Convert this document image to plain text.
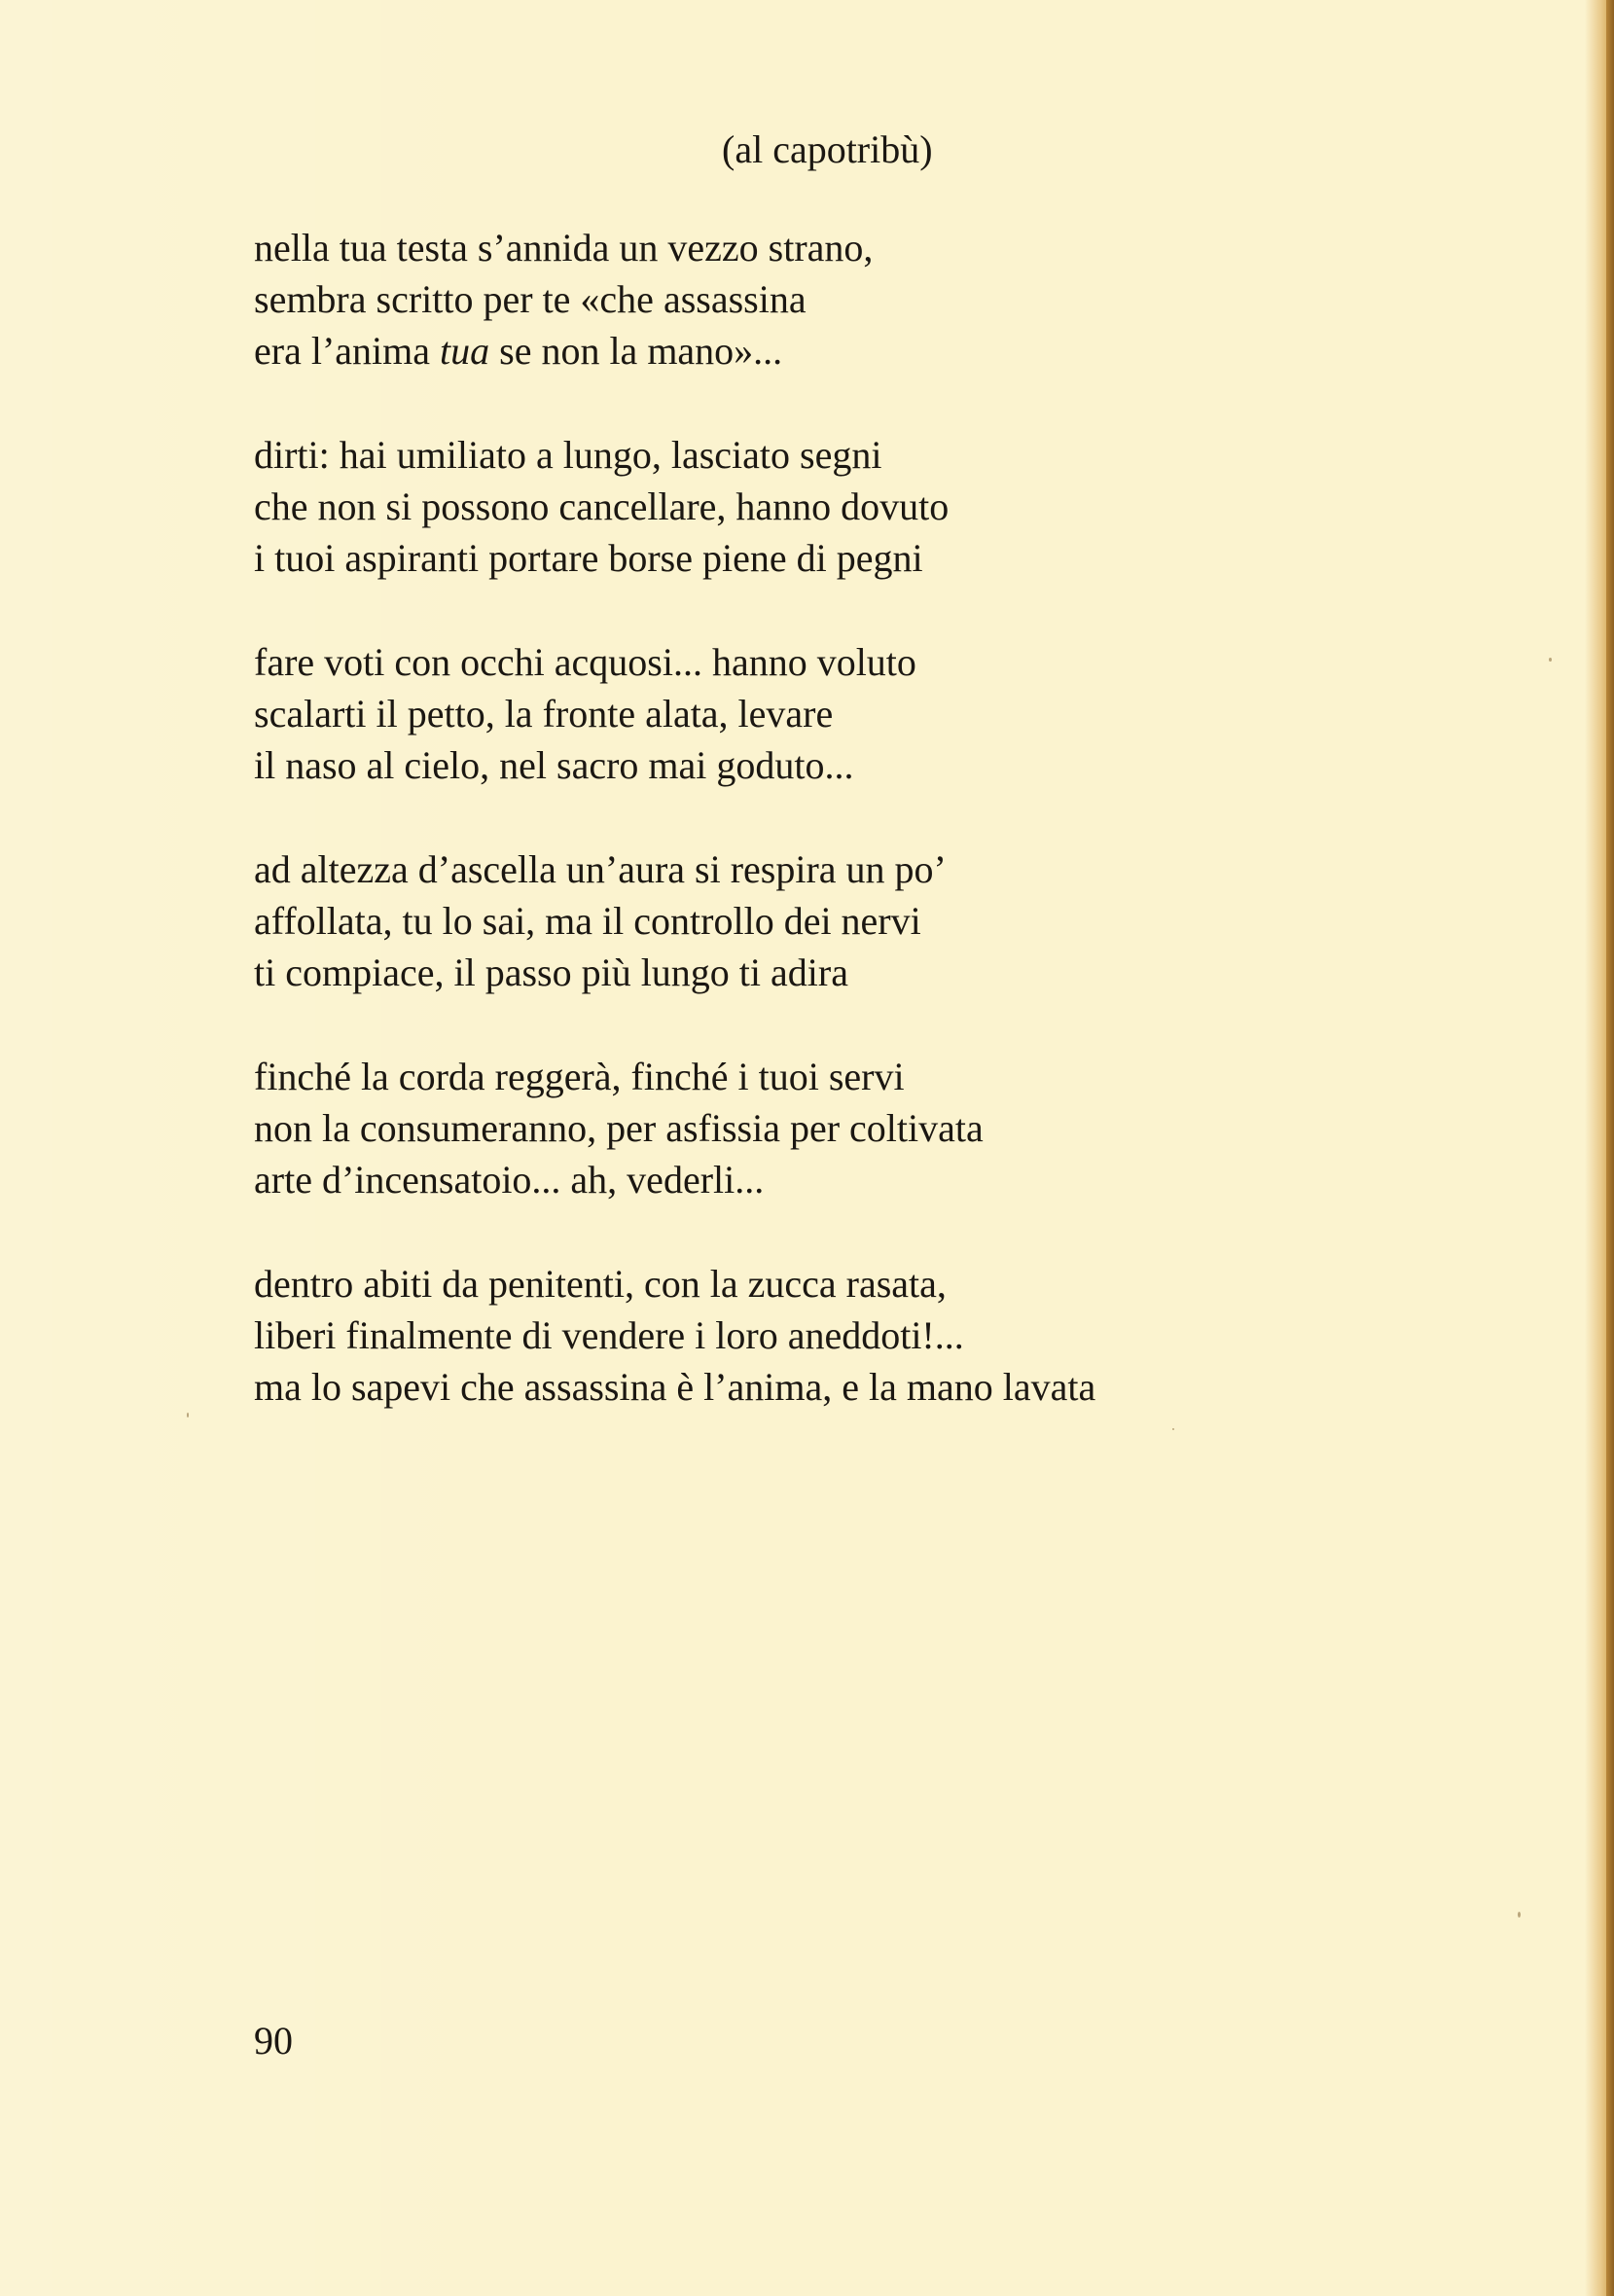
(al capotribù)
nella tua testa s’annida un vezzo strano,
sembra scritto per te «che assassina
era l’anima tua se non la mano»...
dirti: hai umiliato a lungo, lasciato segni
che non si possono cancellare, hanno dovuto
i tuoi aspiranti portare borse piene di pegni
fare voti con occhi acquosi... hanno voluto
scalarti il petto, la fronte alata, levare
il naso al cielo, nel sacro mai goduto...
ad altezza d’ascella un’aura si respira un po’
affollata, tu lo sai, ma il controllo dei nervi
ti compiace, il passo più lungo ti adira
finché la corda reggerà, finché i tuoi servi
non la consumeranno, per asfissia per coltivata
arte d’incensatoio... ah, vederli...
dentro abiti da penitenti, con la zucca rasata,
liberi finalmente di vendere i loro aneddoti!...
ma lo sapevi che assassina è l’anima, e la mano lavata
90
